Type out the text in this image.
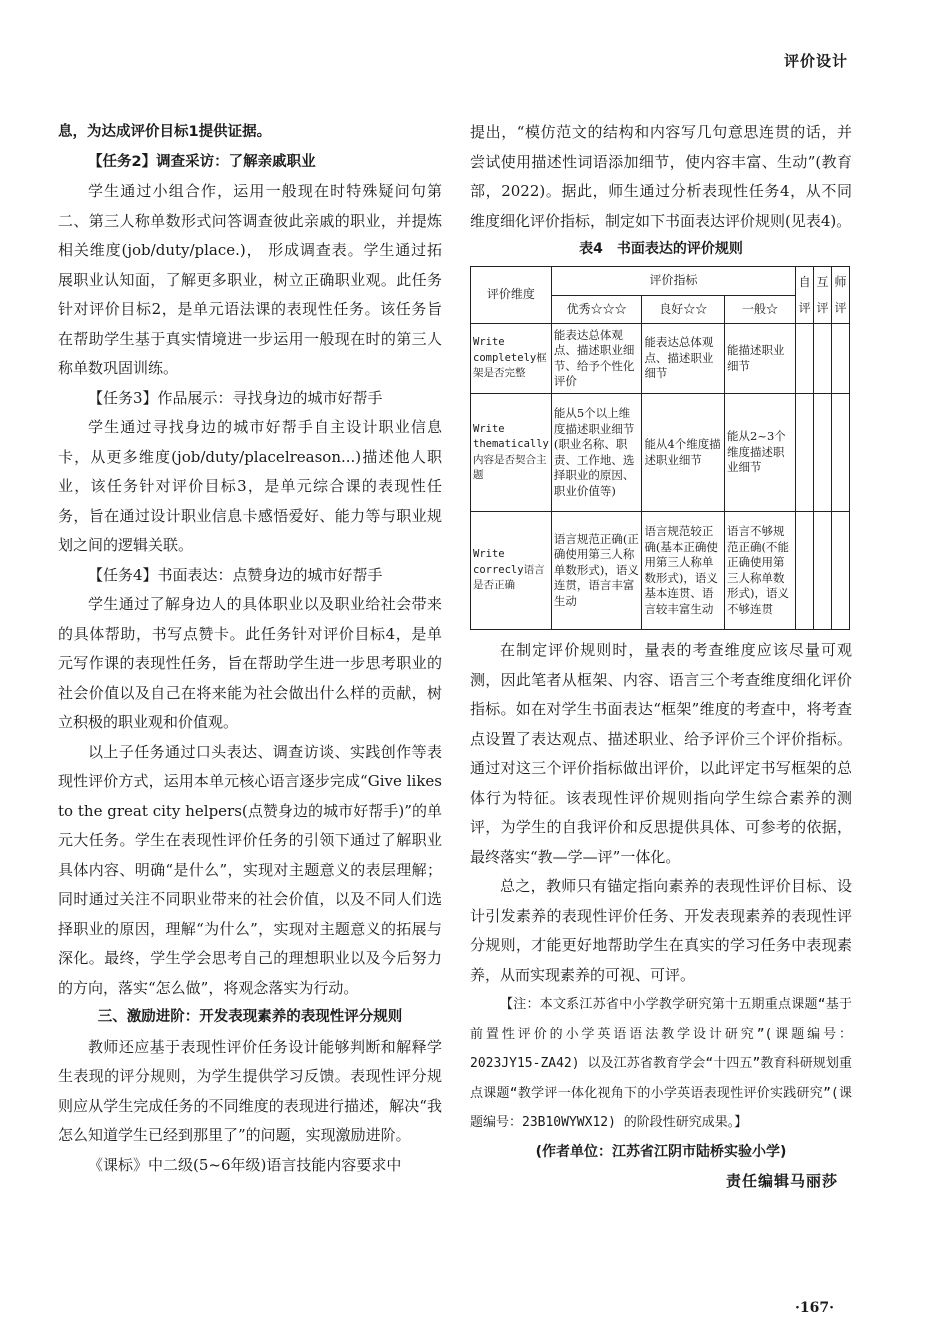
评价设计

息，为达成评价目标1提供证据。

【任务2】调查采访：了解亲戚职业

学生通过小组合作，运用一般现在时特殊疑问句第二、第三人称单数形式问答调查彼此亲戚的职业，并提炼相关维度(job/duty/place.)， 形成调查表。学生通过拓展职业认知面，了解更多职业，树立正确职业观。此任务针对评价目标2，是单元语法课的表现性任务。该任务旨在帮助学生基于真实情境进一步运用一般现在时的第三人称单数巩固训练。

【任务3】作品展示：寻找身边的城市好帮手

学生通过寻找身边的城市好帮手自主设计职业信息卡，从更多维度(job/duty/placelreason...)描述他人职业，该任务针对评价目标3，是单元综合课的表现性任务，旨在通过设计职业信息卡感悟爱好、能力等与职业规划之间的逻辑关联。

【任务4】书面表达：点赞身边的城市好帮手

学生通过了解身边人的具体职业以及职业给社会带来的具体帮助，书写点赞卡。此任务针对评价目标4，是单元写作课的表现性任务，旨在帮助学生进一步思考职业的社会价值以及自己在将来能为社会做出什么样的贡献，树立积极的职业观和价值观。

以上子任务通过口头表达、调查访谈、实践创作等表现性评价方式，运用本单元核心语言逐步完成“Give likes to the great city helpers(点赞身边的城市好帮手)”的单元大任务。学生在表现性评价任务的引领下通过了解职业具体内容、明确“是什么”，实现对主题意义的表层理解；同时通过关注不同职业带来的社会价值，以及不同人们选择职业的原因，理解“为什么”，实现对主题意义的拓展与深化。最终，学生学会思考自己的理想职业以及今后努力的方向，落实“怎么做”，将观念落实为行动。

三、激励进阶：开发表现素养的表现性评分规则

教师还应基于表现性评价任务设计能够判断和解释学生表现的评分规则，为学生提供学习反馈。表现性评分规则应从学生完成任务的不同维度的表现进行描述，解决“我怎么知道学生已经到那里了”的问题，实现激励进阶。

《课标》中二级(5~6年级)语言技能内容要求中

提出，“模仿范文的结构和内容写几句意思连贯的话，并尝试使用描述性词语添加细节，使内容丰富、生动”(教育部，2022)。据此，师生通过分析表现性任务4，从不同维度细化评价指标，制定如下书面表达评价规则(见表4)。

表4　书面表达的评价规则

评价维度	评价指标			自评	互评	师评
	优秀☆☆☆	良好☆☆	一般☆			
Write completely框架是否完整	能表达总体观点、描述职业细节、给予个性化评价	能表达总体观点、描述职业细节	能描述职业细节			
Write thematically内容是否契合主题	能从5个以上维度描述职业细节(职业名称、职责、工作地、选择职业的原因、职业价值等)	能从4个维度描述职业细节	能从2~3个维度描述职业细节			
Write correcly语言是否正确	语言规范正确(正确使用第三人称单数形式)，语义连贯，语言丰富生动	语言规范较正确(基本正确使用第三人称单数形式)，语义基本连贯、语言较丰富生动	语言不够规范正确(不能正确使用第三人称单数形式)，语义不够连贯			

在制定评价规则时，量表的考查维度应该尽量可观测，因此笔者从框架、内容、语言三个考查维度细化评价指标。如在对学生书面表达“框架”维度的考查中，将考查点设置了表达观点、描述职业、给予评价三个评价指标。通过对这三个评价指标做出评价，以此评定书写框架的总体行为特征。该表现性评价规则指向学生综合素养的测评，为学生的自我评价和反思提供具体、可参考的依据，最终落实“教—学—评”一体化。

总之，教师只有锚定指向素养的表现性评价目标、设计引发素养的表现性评价任务、开发表现素养的表现性评分规则，才能更好地帮助学生在真实的学习任务中表现素养，从而实现素养的可视、可评。

【注：本文系江苏省中小学教学研究第十五期重点课题“基于前置性评价的小学英语语法教学设计研究”(课题编号：2023JY15-ZA42) 以及江苏省教育学会“十四五”教育科研规划重点课题“教学评一体化视角下的小学英语表现性评价实践研究”(课题编号：23B10WYWX12) 的阶段性研究成果。】

(作者单位：江苏省江阴市陆桥实验小学)

责任编辑马丽莎

·167·
